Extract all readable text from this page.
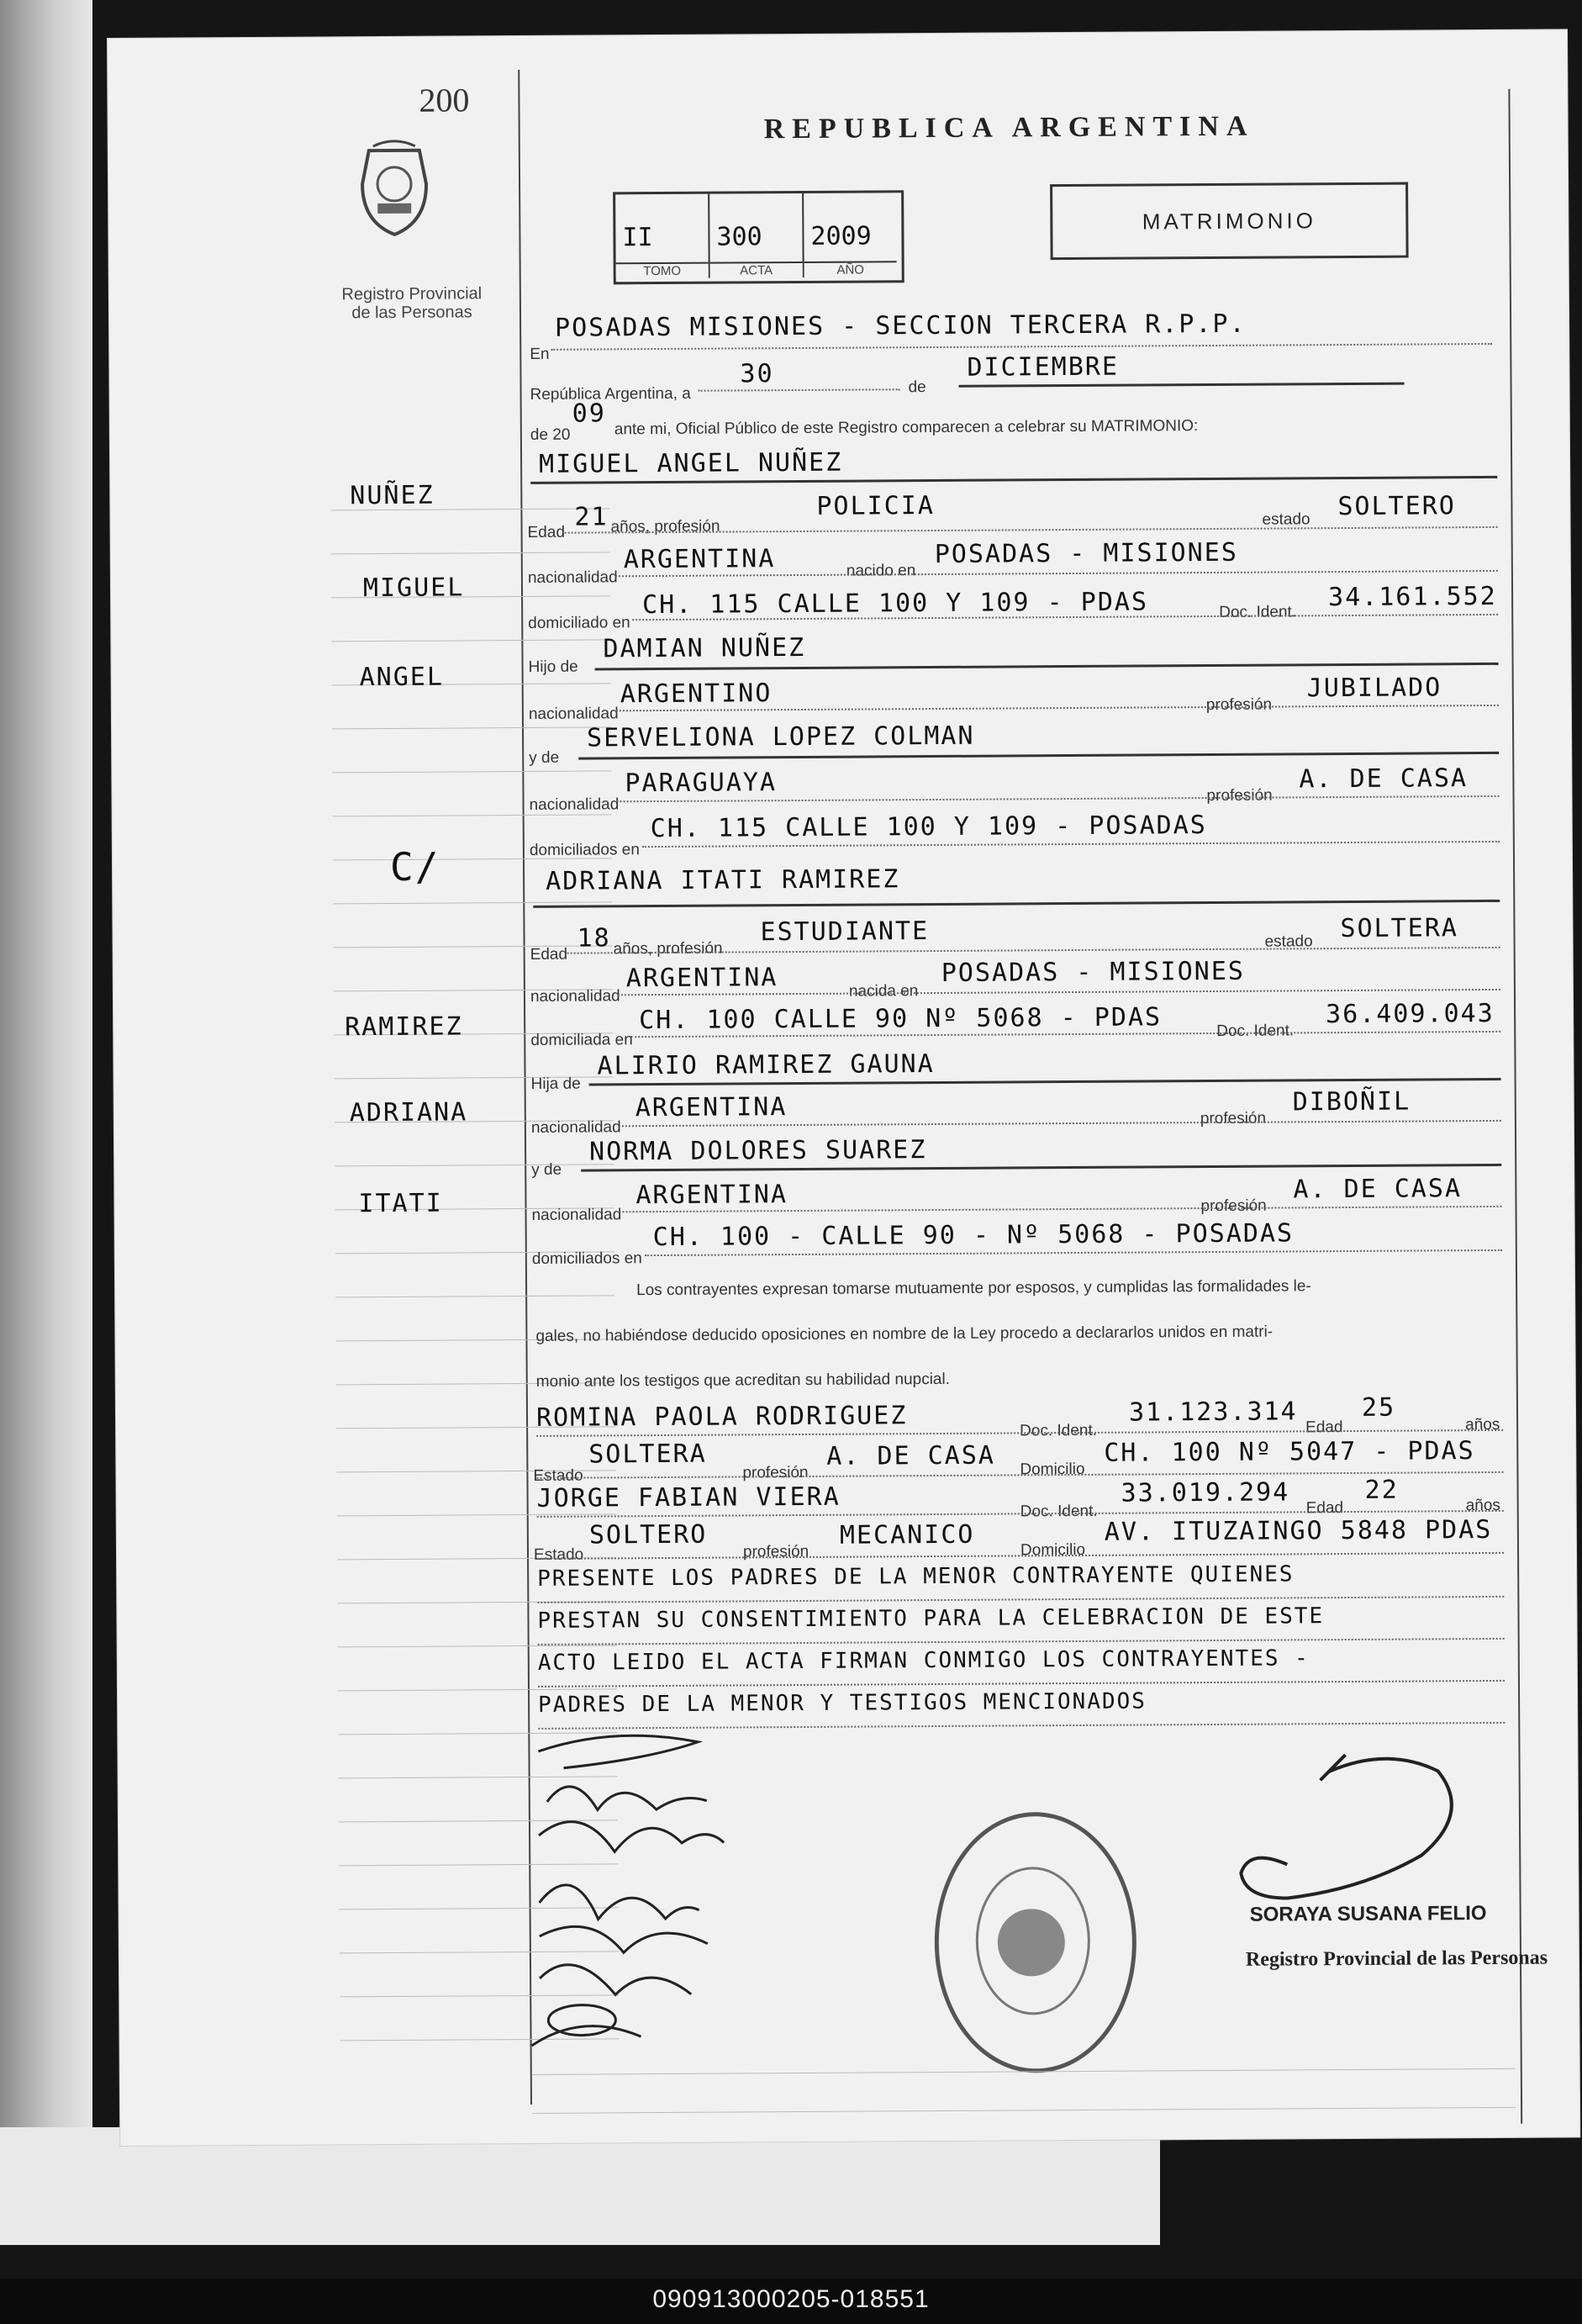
200
Registro Provincial
de las Personas
REPUBLICA ARGENTINA
II
TOMO
300
ACTA
2009
AÑO
MATRIMONIO
En
POSADAS MISIONES - SECCION TERCERA R.P.P.
República Argentina, a
30	de
DICIEMBRE
de 20
09 ante mi, Oficial Público de este Registro comparecen a celebrar su MATRIMONIO:
MIGUEL ANGEL NUÑEZ
Edad
21 años, profesión
POLICIA	estado SOLTERO
nacionalidad
ARGENTINA	nacido en
POSADAS - MISIONES
domiciliado en
CH. 115 CALLE 100 Y 109 - PDAS	Doc. Ident.
34.161.552
Hijo de
DAMIAN NUÑEZ
nacionalidad
ARGENTINO	profesión
JUBILADO
y de
SERVELIONA LOPEZ COLMAN
nacionalidad
PARAGUAYA	profesión
A. DE CASA
domiciliados en
CH. 115 CALLE 100 Y 109 - POSADAS
ADRIANA ITATI RAMIREZ
Edad
18 años, profesión
ESTUDIANTE	estado SOLTERA
nacionalidad
ARGENTINA	nacida en
POSADAS - MISIONES
domiciliada en
CH. 100 CALLE 90 Nº 5068 - PDAS	Doc. Ident.
36.409.043
Hija de
ALIRIO RAMIREZ GAUNA
nacionalidad
ARGENTINA	profesión
DIBOÑIL
y de
NORMA DOLORES SUAREZ
nacionalidad
ARGENTINA	profesión
A. DE CASA
domiciliados en
CH. 100 - CALLE 90 - Nº 5068 - POSADAS
Los contrayentes expresan tomarse mutuamente por esposos, y cumplidas las formalidades le-
gales, no habiéndose deducido oposiciones en nombre de la Ley procedo a declararlos unidos en matri-
monio ante los testigos que acreditan su habilidad nupcial.
ROMINA PAOLA RODRIGUEZ	Doc. Ident.
31.123.314
Edad
25
años
Estado
SOLTERA
profesión
A. DE CASA Domicilio
CH. 100 Nº 5047 - PDAS
JORGE FABIAN VIERA	Doc. Ident.
33.019.294
Edad
22
años
Estado
SOLTERO
profesión
MECANICO	Domicilio
AV. ITUZAINGO 5848 PDAS
PRESENTE LOS PADRES DE LA MENOR CONTRAYENTE QUIENES
PRESTAN SU CONSENTIMIENTO PARA LA CELEBRACION DE ESTE
ACTO LEIDO EL ACTA FIRMAN CONMIGO LOS CONTRAYENTES -
PADRES DE LA MENOR Y TESTIGOS MENCIONADOS
NUÑEZ
MIGUEL
ANGEL
C/
RAMIREZ
ADRIANA
ITATI
SORAYA SUSANA FELIO
Registro Provincial de las Personas
090913000205-018551
